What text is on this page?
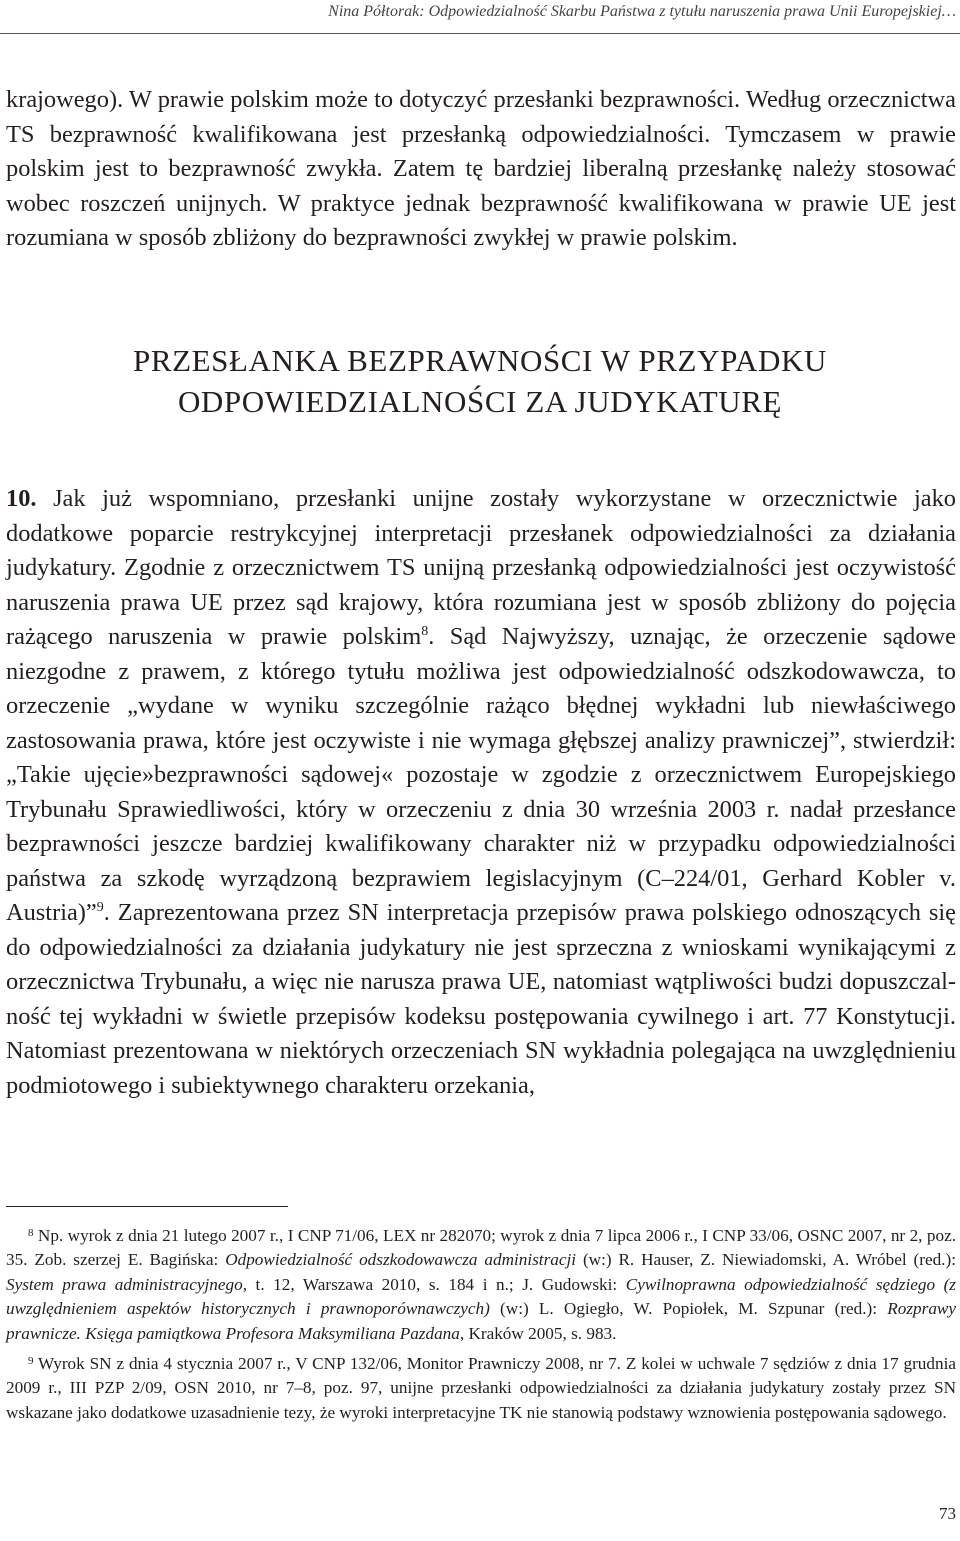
Nina Półtorak: Odpowiedzialność Skarbu Państwa z tytułu naruszenia prawa Unii Europejskiej…

krajowego). W prawie polskim może to dotyczyć przesłanki bezprawności. Według orzecznictwa TS bezprawność kwalifikowana jest przesłanką odpowiedzialności. Tymczasem w prawie polskim jest to bezprawność zwykła. Zatem tę bardziej liberalną przesłankę należy stosować wobec roszczeń unijnych. W praktyce jednak bezprawność kwalifikowana w prawie UE jest rozumiana w sposób zbliżony do bezprawności zwykłej w prawie polskim.

PRZESŁANKA BEZPRAWNOŚCI W PRZYPADKU
ODPOWIEDZIALNOŚCI ZA JUDYKATURĘ

10. Jak już wspomniano, przesłanki unijne zostały wykorzystane w orzecznictwie jako dodatkowe poparcie restrykcyjnej interpretacji przesłanek odpowiedzialności za działania judykatury. Zgodnie z orzecznictwem TS unijną przesłanką odpowiedzialności jest oczywistość naruszenia prawa UE przez sąd krajowy, która rozumiana jest w sposób zbliżony do pojęcia rażącego naruszenia w prawie polskim$^8$. Sąd Najwyższy, uznając, że orzeczenie sądowe niezgodne z prawem, z którego tytułu możliwa jest odpowiedzialność odszkodowawcza, to orzeczenie „wydane w wyniku szczególnie rażąco błędnej wykładni lub niewłaściwego zastosowania prawa, które jest oczywiste i nie wymaga głębszej analizy prawniczej”, stwierdził: „Takie ujęcie»bezprawności sądowej« pozostaje w zgodzie z orzecznictwem Europejskiego Trybunału Sprawiedliwości, który w orzeczeniu z dnia 30 września 2003 r. nadał przesłance bezprawności jeszcze bardziej kwalifikowany charakter niż w przypadku odpowiedzialności państwa za szkodę wyrządzoną bezprawiem legislacyjnym (C–224/01, Gerhard Kobler v. Austria)”$^9$. Zaprezentowana przez SN interpretacja przepisów prawa polskiego odnoszących się do odpowiedzialności za działania judykatury nie jest sprzeczna z wnioskami wynikającymi z orzecznictwa Trybunału, a więc nie narusza prawa UE, natomiast wątpliwości budzi dopuszczalność tej wykładni w świetle przepisów kodeksu postępowania cywilnego i art. 77 Konstytucji. Natomiast prezentowana w niektórych orzeczeniach SN wykładnia polegająca na uwzględnieniu podmiotowego i subiektywnego charakteru orzekania,

$^8$ Np. wyrok z dnia 21 lutego 2007 r., I CNP 71/06, LEX nr 282070; wyrok z dnia 7 lipca 2006 r., I CNP 33/06, OSNC 2007, nr 2, poz. 35. Zob. szerzej E. Bagińska: Odpowiedzialność odszkodowawcza administracji (w:) R. Hauser, Z. Niewiadomski, A. Wróbel (red.): System prawa administracyjnego, t. 12, Warszawa 2010, s. 184 i n.; J. Gudowski: Cywilnoprawna odpowiedzialność sędziego (z uwzględnieniem aspektów historycznych i prawnoporównawczych) (w:) L. Ogiegło, W. Popiołek, M. Szpunar (red.): Rozprawy prawnicze. Księga pamiątkowa Profesora Maksymiliana Pazdana, Kraków 2005, s. 983.

$^9$ Wyrok SN z dnia 4 stycznia 2007 r., V CNP 132/06, Monitor Prawniczy 2008, nr 7. Z kolei w uchwale 7 sędziów z dnia 17 grudnia 2009 r., III PZP 2/09, OSN 2010, nr 7–8, poz. 97, unijne przesłanki odpowiedzialności za działania judykatury zostały przez SN wskazane jako dodatkowe uzasadnienie tezy, że wyroki interpretacyjne TK nie stanowią podstawy wznowienia postępowania sądowego.

73
